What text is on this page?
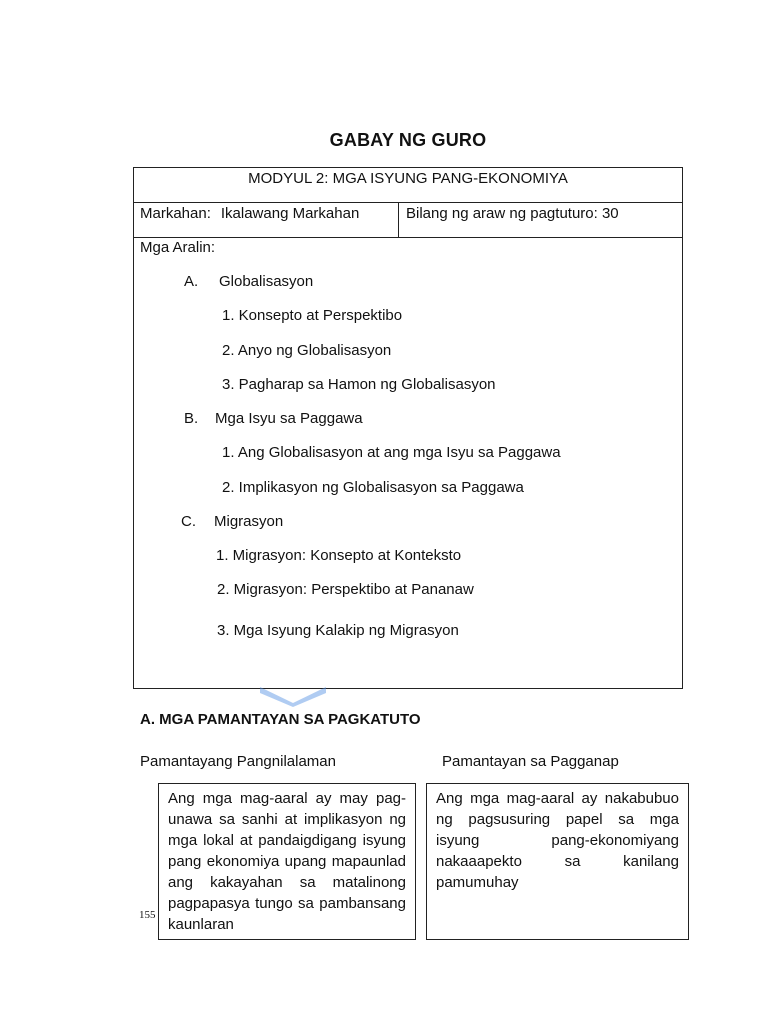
GABAY NG GURO
MODYUL 2: MGA ISYUNG PANG-EKONOMIYA
Markahan: Ikalawang Markahan	Bilang ng araw ng pagtuturo: 30
Mga Aralin:
A. Globalisasyon
1. Konsepto at Perspektibo
2. Anyo ng Globalisasyon
3. Pagharap sa Hamon ng Globalisasyon
B. Mga Isyu sa Paggawa
1. Ang Globalisasyon at ang mga Isyu sa Paggawa
2. Implikasyon ng Globalisasyon sa Paggawa
C. Migrasyon
1. Migrasyon: Konsepto at Konteksto
2. Migrasyon: Perspektibo at Pananaw
3. Mga Isyung Kalakip ng Migrasyon
A. MGA PAMANTAYAN SA PAGKATUTO
Pamantayang Pangnilalaman	Pamantayan sa Pagganap

Ang mga mag-aaral ay may pag-unawa sa sanhi at implikasyon ng mga lokal at pandaigdigang isyung pang ekonomiya upang mapaunlad ang kakayahan sa matalinong pagpapasya tungo sa pambansang kaunlaran

Ang mga mag-aaral ay nakabubuo ng pagsusuring papel sa mga isyung pang-ekonomiyang nakaaapekto sa kanilang pamumuhay

155
